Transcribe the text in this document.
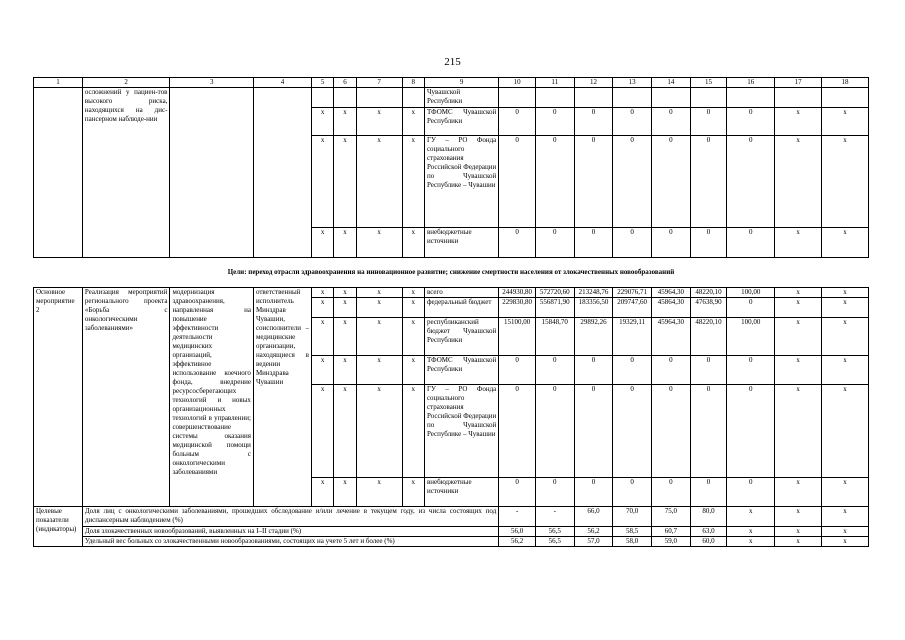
215
1	2	3	4	5	6	7	8	9	10	11	12	13	14	15	16	17	18
	осложнений у пациен-тов высокого риска, находящихся на дис-пансерном наблюде-нии							Чувашской Республики									
				x	x	x	x	ТФОМС Чувашской Республики	0	0	0	0	0	0	0	x	x
				x	x	x	x	ГУ – РО Фонда социального страхования Российской Федерации по Чувашской Республике – Чувашии	0	0	0	0	0	0	0	x	x
				x	x	x	x	внебюджетные источники	0	0	0	0	0	0	0	x	x
Цели: переход отрасли здравоохранения на инновационное развитие; снижение смертности населения от злокачественных новообразований																	
Основное мероприятие 2	Реализация мероприятий регионального проекта «Борьба с онкологическими заболеваниями»	модернизация здравоохранения, направленная на повышение эффективности деятельности медицинских организаций, эффективное использование коечного фонда, внедрение ресурсосберегающих технологий и новых организационных технологий в управлении; совершенствование системы оказания медицинской помощи больным с онкологическими заболеваниями	ответственный исполнитель Минздрав Чувашии, соисполнители – медицинские организации, находящиеся в ведении Минздрава Чувашии	x	x	x	x	всего	244930,80	572720,60	213248,76	229076,71	45964,30	48220,10	100,00	x	x
				x	x	x	x	федеральный бюджет	229830,80	556871,90	183356,50	209747,60	45864,30	47638,90	0	x	x
				x	x	x	x	республиканский бюджет Чувашской Республики	15100,00	15848,70	29892,26	19329,11	45964,30	48220,10	100,00	x	x
				x	x	x	x	ТФОМС Чувашской Республики	0	0	0	0	0	0	0	x	x
				x	x	x	x	ГУ – РО Фонда социального страхования Российской Федерации по Чувашской Республике – Чувашии	0	0	0	0	0	0	0	x	x
				x	x	x	x	внебюджетные источники	0	0	0	0	0	0	0	x	x
Целевые показатели (индикаторы)	Доля лиц с онкологическими заболеваниями, прошедших обследование и/или лечение в текущем году, из числа состоящих под диспансерным наблюдением (%)								-	-	66,0	70,0	75,0	80,0	x	x	x
	Доля злокачественных новообразований, выявленных на I–II стадии (%)								56,0	56,5	56,2	58,5	60,7	63,0	x	x	x
	Удельный вес больных со злокачественными новообразованиями, состоящих на учете 5 лет и более (%)								56,2	56,5	57,0	58,0	59,0	60,0	x	x	x
